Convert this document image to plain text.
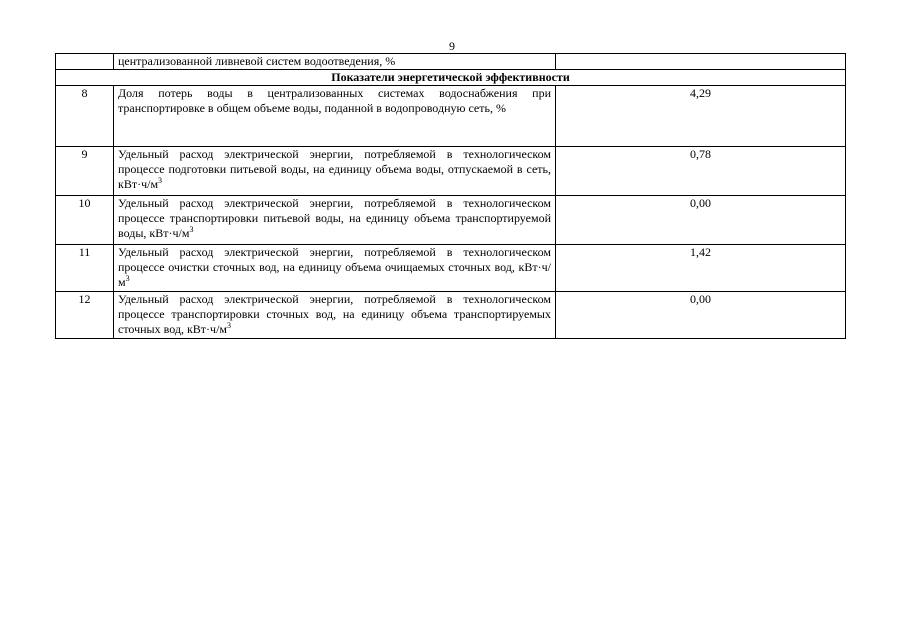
9
	централизованной ливневой систем водоотведения, %	
Показатели энергетической эффективности		
8	Доля потерь воды в централизованных системах водоснабжения при транспортировке в общем объеме воды, поданной в водопроводную сеть, %	4,29
9	Удельный расход электрической энергии, потребляемой в технологическом процессе подготовки питьевой воды, на единицу объема воды, отпускаемой в сеть, $кВт\cdot ч/м^3$	0,78
10	Удельный расход электрической энергии, потребляемой в технологическом процессе транспортировки питьевой воды, на единицу объема транспортируемой воды, $кВт\cdot ч/м^3$	0,00
11	Удельный расход электрической энергии, потребляемой в технологическом процессе очистки сточных вод, на единицу объема очищаемых сточных вод, $кВт\cdot ч/м^3$	1,42
12	Удельный расход электрической энергии, потребляемой в технологическом процессе транспортировки сточных вод, на единицу объема транспортируемых сточных вод, $кВт\cdot ч/м^3$	0,00
